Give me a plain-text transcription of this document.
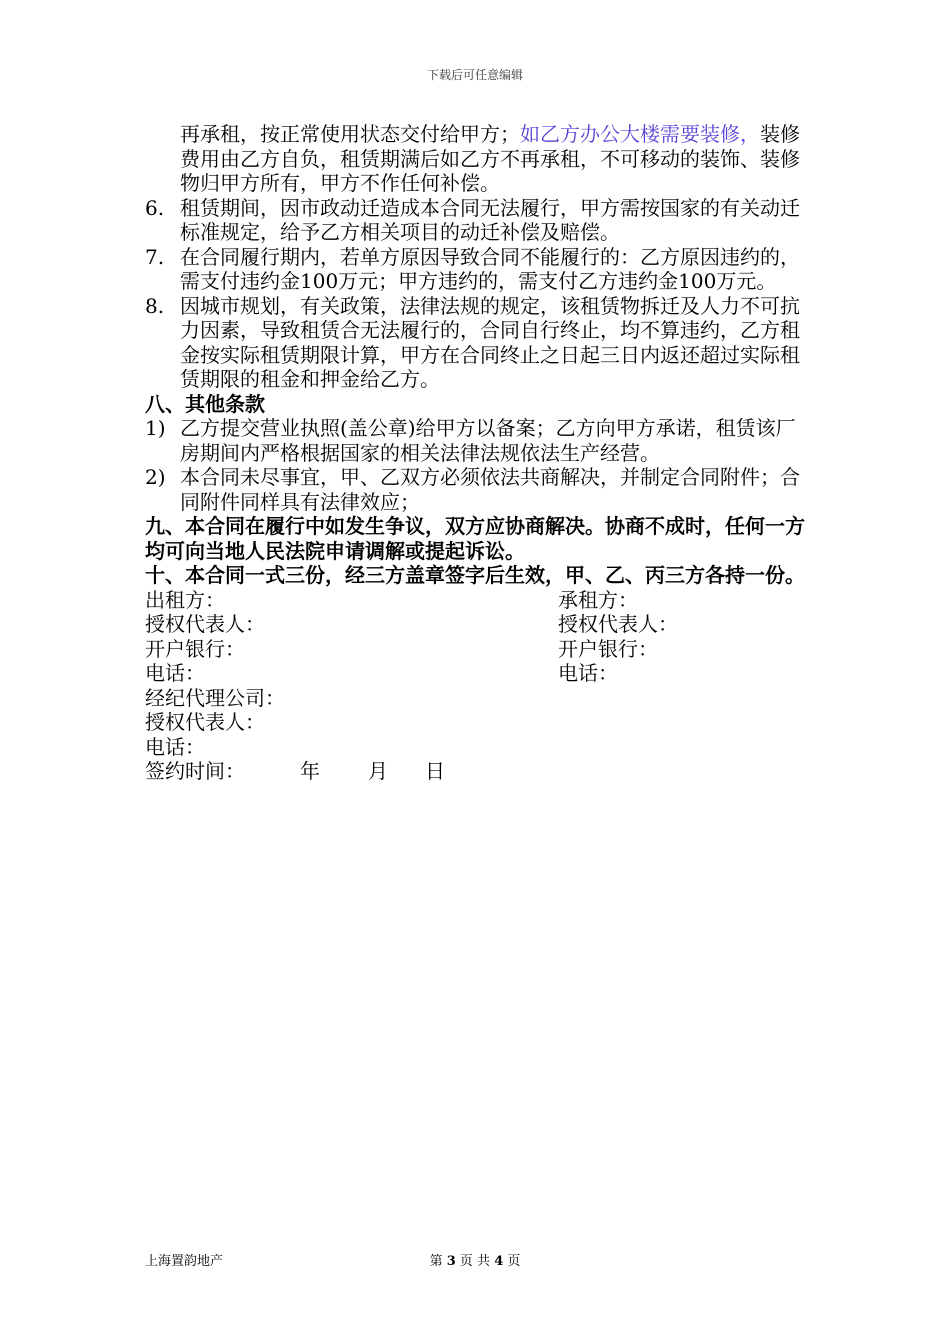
下载后可任意编辑
再承租，按正常使用状态交付给甲方；如乙方办公大楼需要装修，装修费用由乙方自负，租赁期满后如乙方不再承租，不可移动的装饰、装修物归甲方所有，甲方不作任何补偿。
6. 租赁期间，因市政动迁造成本合同无法履行，甲方需按国家的有关动迁标准规定，给予乙方相关项目的动迁补偿及赔偿。
7. 在合同履行期内，若单方原因导致合同不能履行的：乙方原因违约的，需支付违约金100万元；甲方违约的，需支付乙方违约金100万元。
8. 因城市规划，有关政策，法律法规的规定，该租赁物拆迁及人力不可抗力因素，导致租赁合无法履行的，合同自行终止，均不算违约，乙方租金按实际租赁期限计算，甲方在合同终止之日起三日内返还超过实际租赁期限的租金和押金给乙方。
八、其他条款
1) 乙方提交营业执照(盖公章)给甲方以备案；乙方向甲方承诺，租赁该厂房期间内严格根据国家的相关法律法规依法生产经营。
2) 本合同未尽事宜，甲、乙双方必须依法共商解决，并制定合同附件；合同附件同样具有法律效应；
九、本合同在履行中如发生争议，双方应协商解决。协商不成时，任何一方均可向当地人民法院申请调解或提起诉讼。
十、本合同一式三份，经三方盖章签字后生效，甲、乙、丙三方各持一份。
出租方：	承租方：
授权代表人：	授权代表人：
开户银行：	开户银行：
电话：	电话：
经纪代理公司：
授权代表人：
电话：
签约时间：	年 月 日
上海置韵地产	第 3 页 共 4 页
